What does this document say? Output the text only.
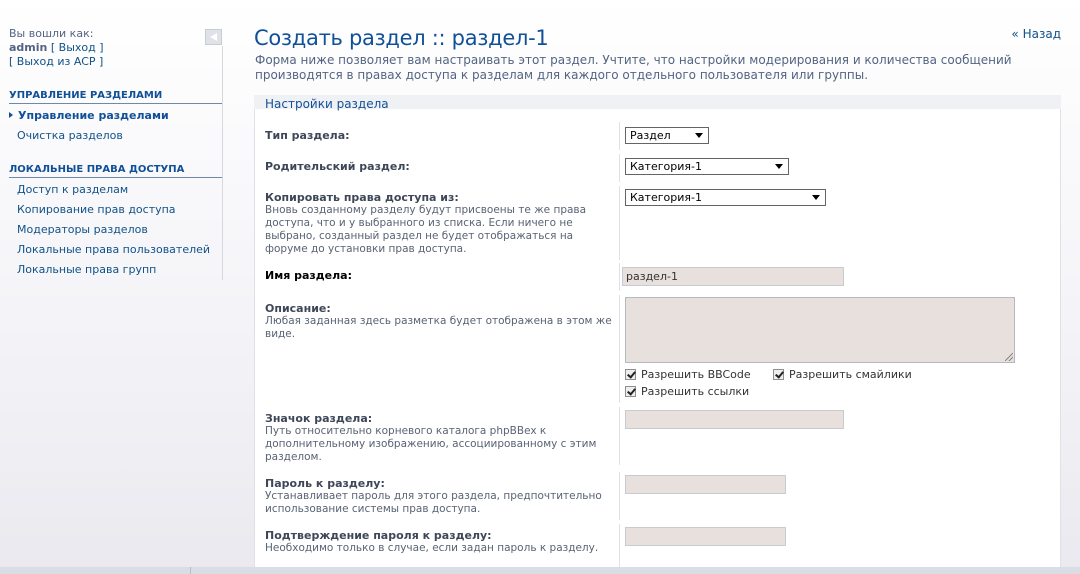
Вы вошли как:
admin [ Выход ]
[ Выход из ACP ]
УПРАВЛЕНИЕ РАЗДЕЛАМИ
Управление разделами
Очистка разделов
ЛОКАЛЬНЫЕ ПРАВА ДОСТУПА
Доступ к разделам
Копирование прав доступа
Модераторы разделов
Локальные права пользователей
Локальные права групп
Создать раздел :: раздел-1	« Назад
Форма ниже позволяет вам настраивать этот раздел. Учтите, что настройки модерирования и количества сообщений производятся в правах доступа к разделам для каждого отдельного пользователя или группы.
Настройки раздела
Тип раздела:	Раздел
Родительский раздел:	Категория-1
Копировать права доступа из:
Вновь созданному разделу будут присвоены те же права доступа, что и у выбранного из списка. Если ничего не выбрано, созданный раздел не будет отображаться на форуме до установки прав доступа.
Категория-1
Имя раздела:	раздел-1
Описание:
Любая заданная здесь разметка будет отображена в этом же виде.
Разрешить BBCode	Разрешить смайлики
Разрешить ссылки
Значок раздела:
Путь относительно корневого каталога phpBBex к дополнительному изображению, ассоциированному с этим разделом.
Пароль к разделу:
Устанавливает пароль для этого раздела, предпочтительно использование системы прав доступа.
Подтверждение пароля к разделу:
Необходимо только в случае, если задан пароль к разделу.
